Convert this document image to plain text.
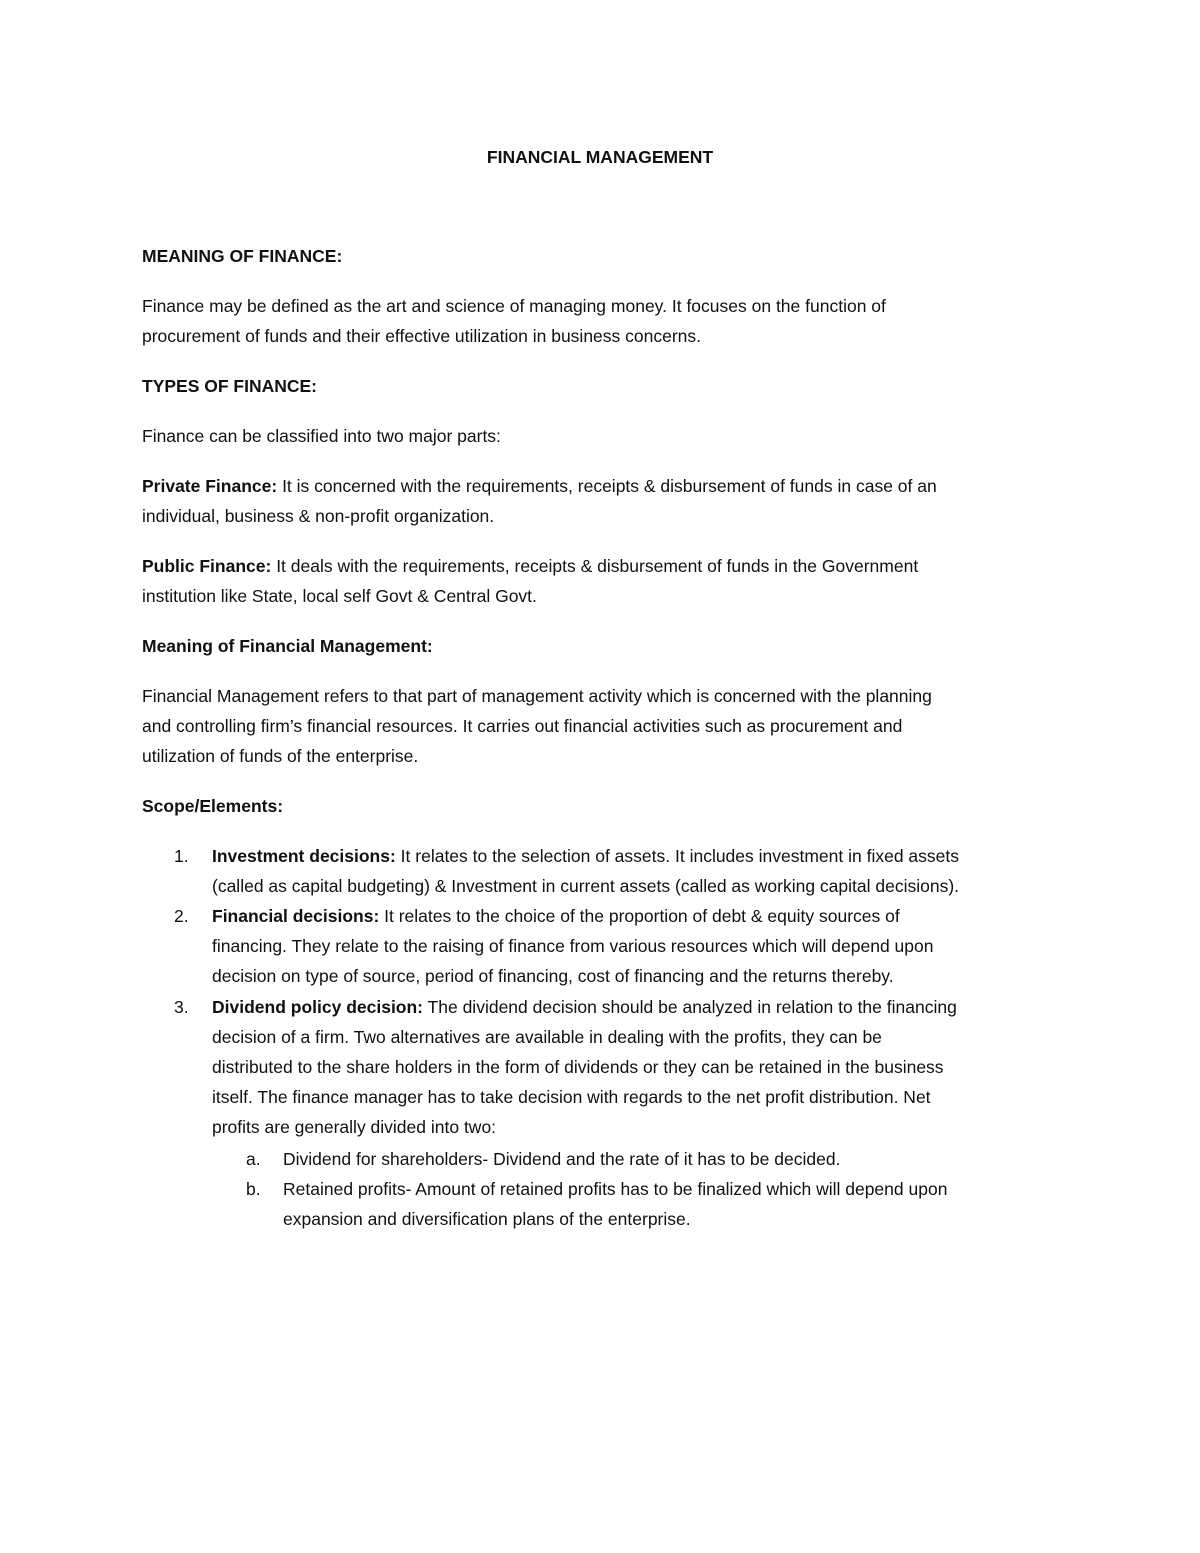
FINANCIAL MANAGEMENT
MEANING OF FINANCE:
Finance may be defined as the art and science of managing money. It focuses on the function of
procurement of funds and their effective utilization in business concerns.
TYPES OF FINANCE:
Finance can be classified into two major parts:
Private Finance: It is concerned with the requirements, receipts & disbursement of funds in case of an
individual, business & non-profit organization.
Public Finance: It deals with the requirements, receipts & disbursement of funds in the Government
institution like State, local self Govt & Central Govt.
Meaning of Financial Management:
Financial Management refers to that part of management activity which is concerned with the planning
and controlling firm’s financial resources. It carries out financial activities such as procurement and
utilization of funds of the enterprise.
Scope/Elements:
1. Investment decisions: It relates to the selection of assets. It includes investment in fixed assets
(called as capital budgeting) & Investment in current assets (called as working capital decisions).
2. Financial decisions: It relates to the choice of the proportion of debt & equity sources of
financing. They relate to the raising of finance from various resources which will depend upon
decision on type of source, period of financing, cost of financing and the returns thereby.
3. Dividend policy decision: The dividend decision should be analyzed in relation to the financing
decision of a firm. Two alternatives are available in dealing with the profits, they can be
distributed to the share holders in the form of dividends or they can be retained in the business
itself. The finance manager has to take decision with regards to the net profit distribution. Net
profits are generally divided into two:
a. Dividend for shareholders- Dividend and the rate of it has to be decided.
b. Retained profits- Amount of retained profits has to be finalized which will depend upon
expansion and diversification plans of the enterprise.
